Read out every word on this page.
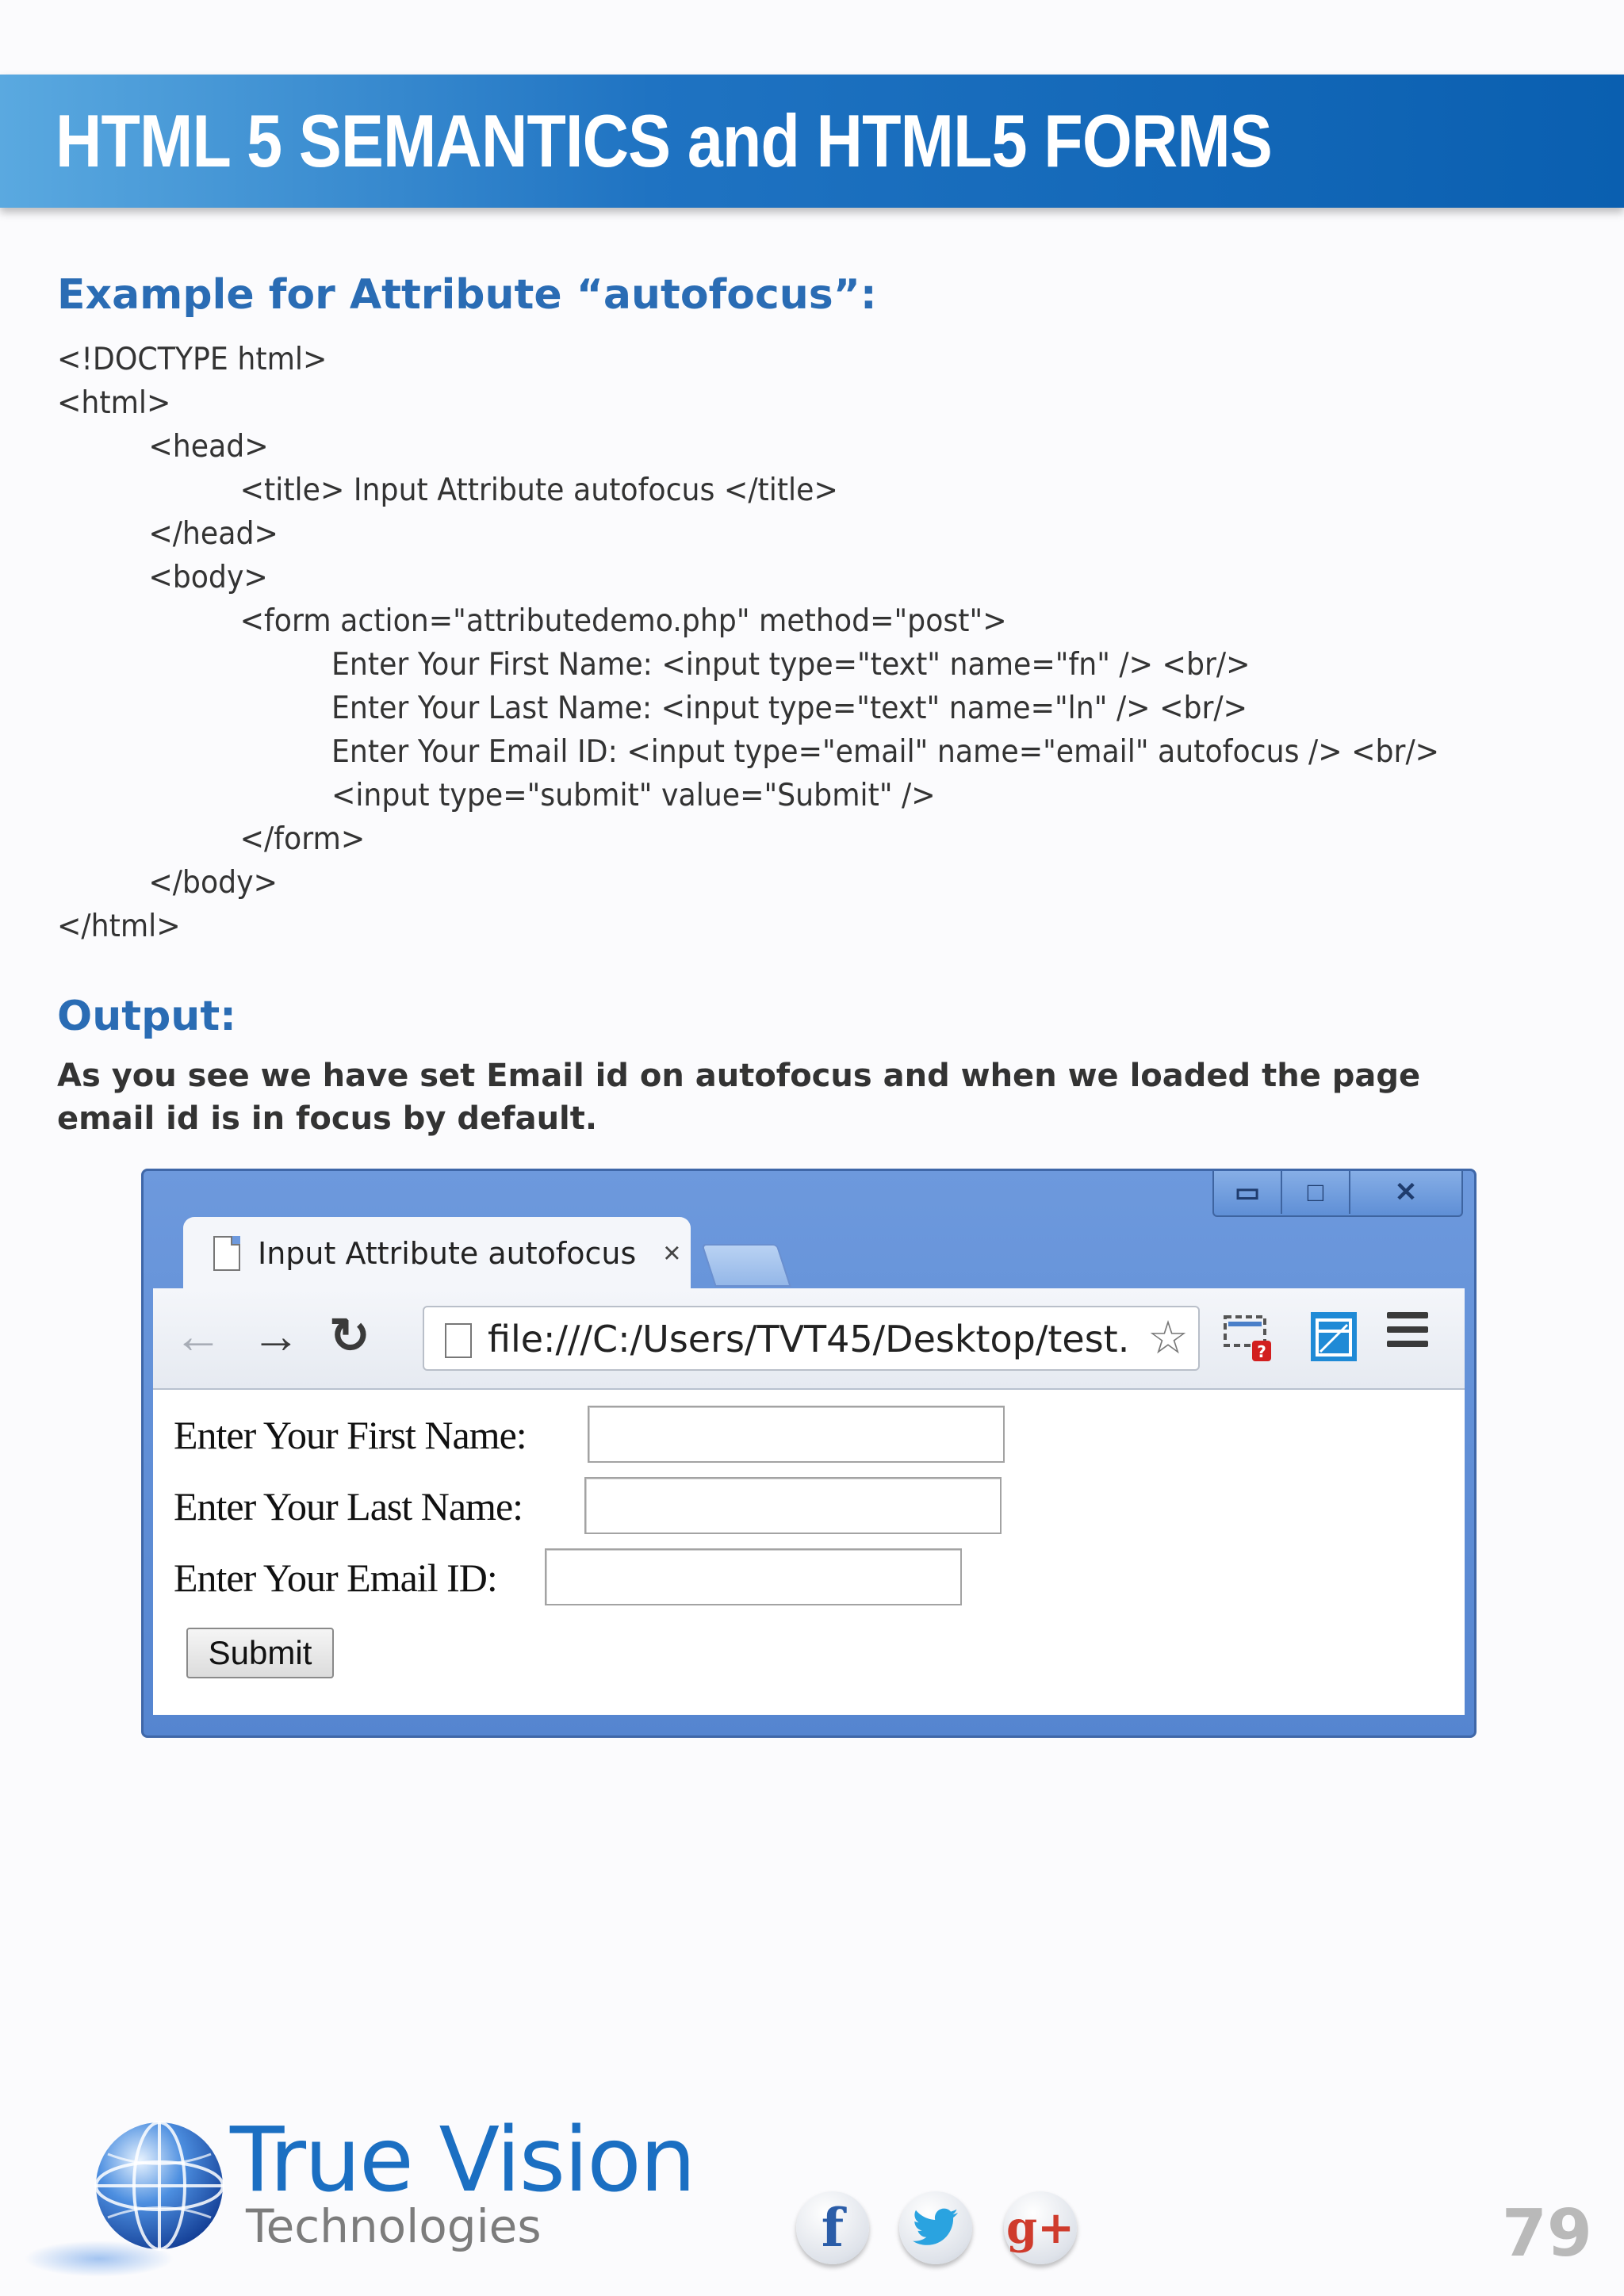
HTML 5 SEMANTICS and HTML5 FORMS
Example for Attribute “autofocus”:
<!DOCTYPE html>
<html>
<head>
<title> Input Attribute autofocus </title>
</head>
<body>
<form action="attributedemo.php" method="post">
Enter Your First Name: <input type="text" name="fn" /> <br/>
Enter Your Last Name: <input type="text" name="ln" /> <br/>
Enter Your Email ID: <input type="email" name="email" autofocus /> <br/>
<input type="submit" value="Submit" />
</form>
</body>
</html>
Output:
As you see we have set Email id on autofocus and when we loaded the page email id is in focus by default.
▭	□	✕
Input Attribute autofocus ×
← → ↻	file:///C:/Users/TVT45/Desktop/test. ☆	?
Enter Your First Name:
Enter Your Last Name:
Enter Your Email ID:
Submit
True Vision
Technologies	f	g+	79
